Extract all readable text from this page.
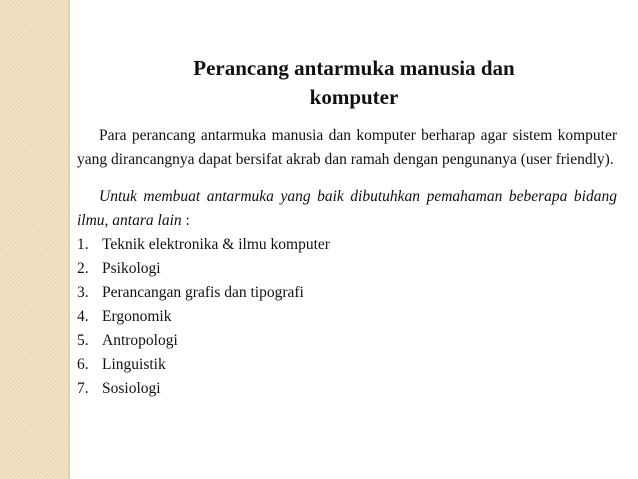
Perancang antarmuka manusia dan
komputer

Para perancang antarmuka manusia dan komputer berharap agar sistem komputer yang dirancangnya dapat bersifat akrab dan ramah dengan pengunanya (user friendly).

Untuk membuat antarmuka yang baik dibutuhkan pemahaman beberapa bidang ilmu, antara lain :

1. Teknik elektronika & ilmu komputer
2. Psikologi
3. Perancangan grafis dan tipografi
4. Ergonomik
5. Antropologi
6. Linguistik
7. Sosiologi
